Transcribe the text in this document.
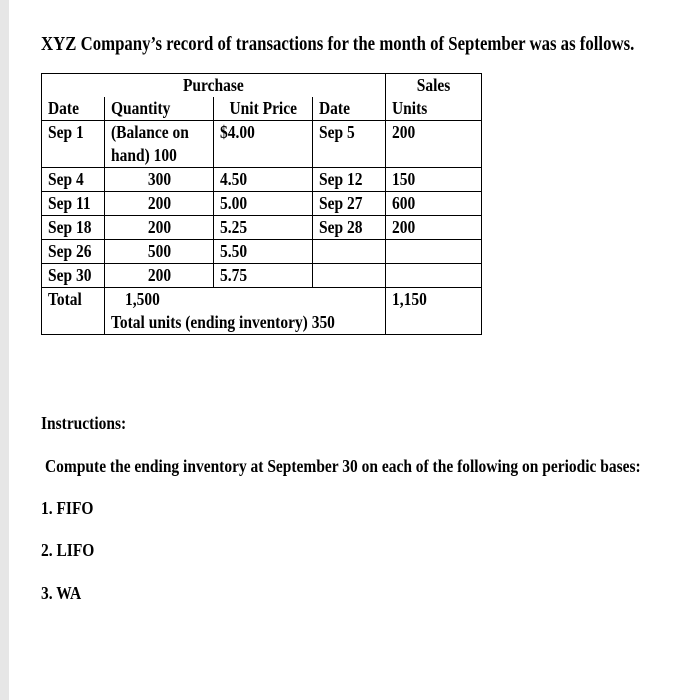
XYZ Company’s record of transactions for the month of September was as follows.
Purchase				Sales
Date	Quantity	Unit Price	Date	Units
Sep 1	(Balance on
hand) 100	$4.00	Sep 5	200
Sep 4	300	4.50	Sep 12	150
Sep 11	200	5.00	Sep 27	600
Sep 18	200	5.25	Sep 28	200
Sep 26	500	5.50		
Sep 30	200	5.75		
Total	1,500			1,150
	Total units (ending inventory) 350			
Instructions:
Compute the ending inventory at September 30 on each of the following on periodic bases:
1. FIFO
2. LIFO
3. WA
